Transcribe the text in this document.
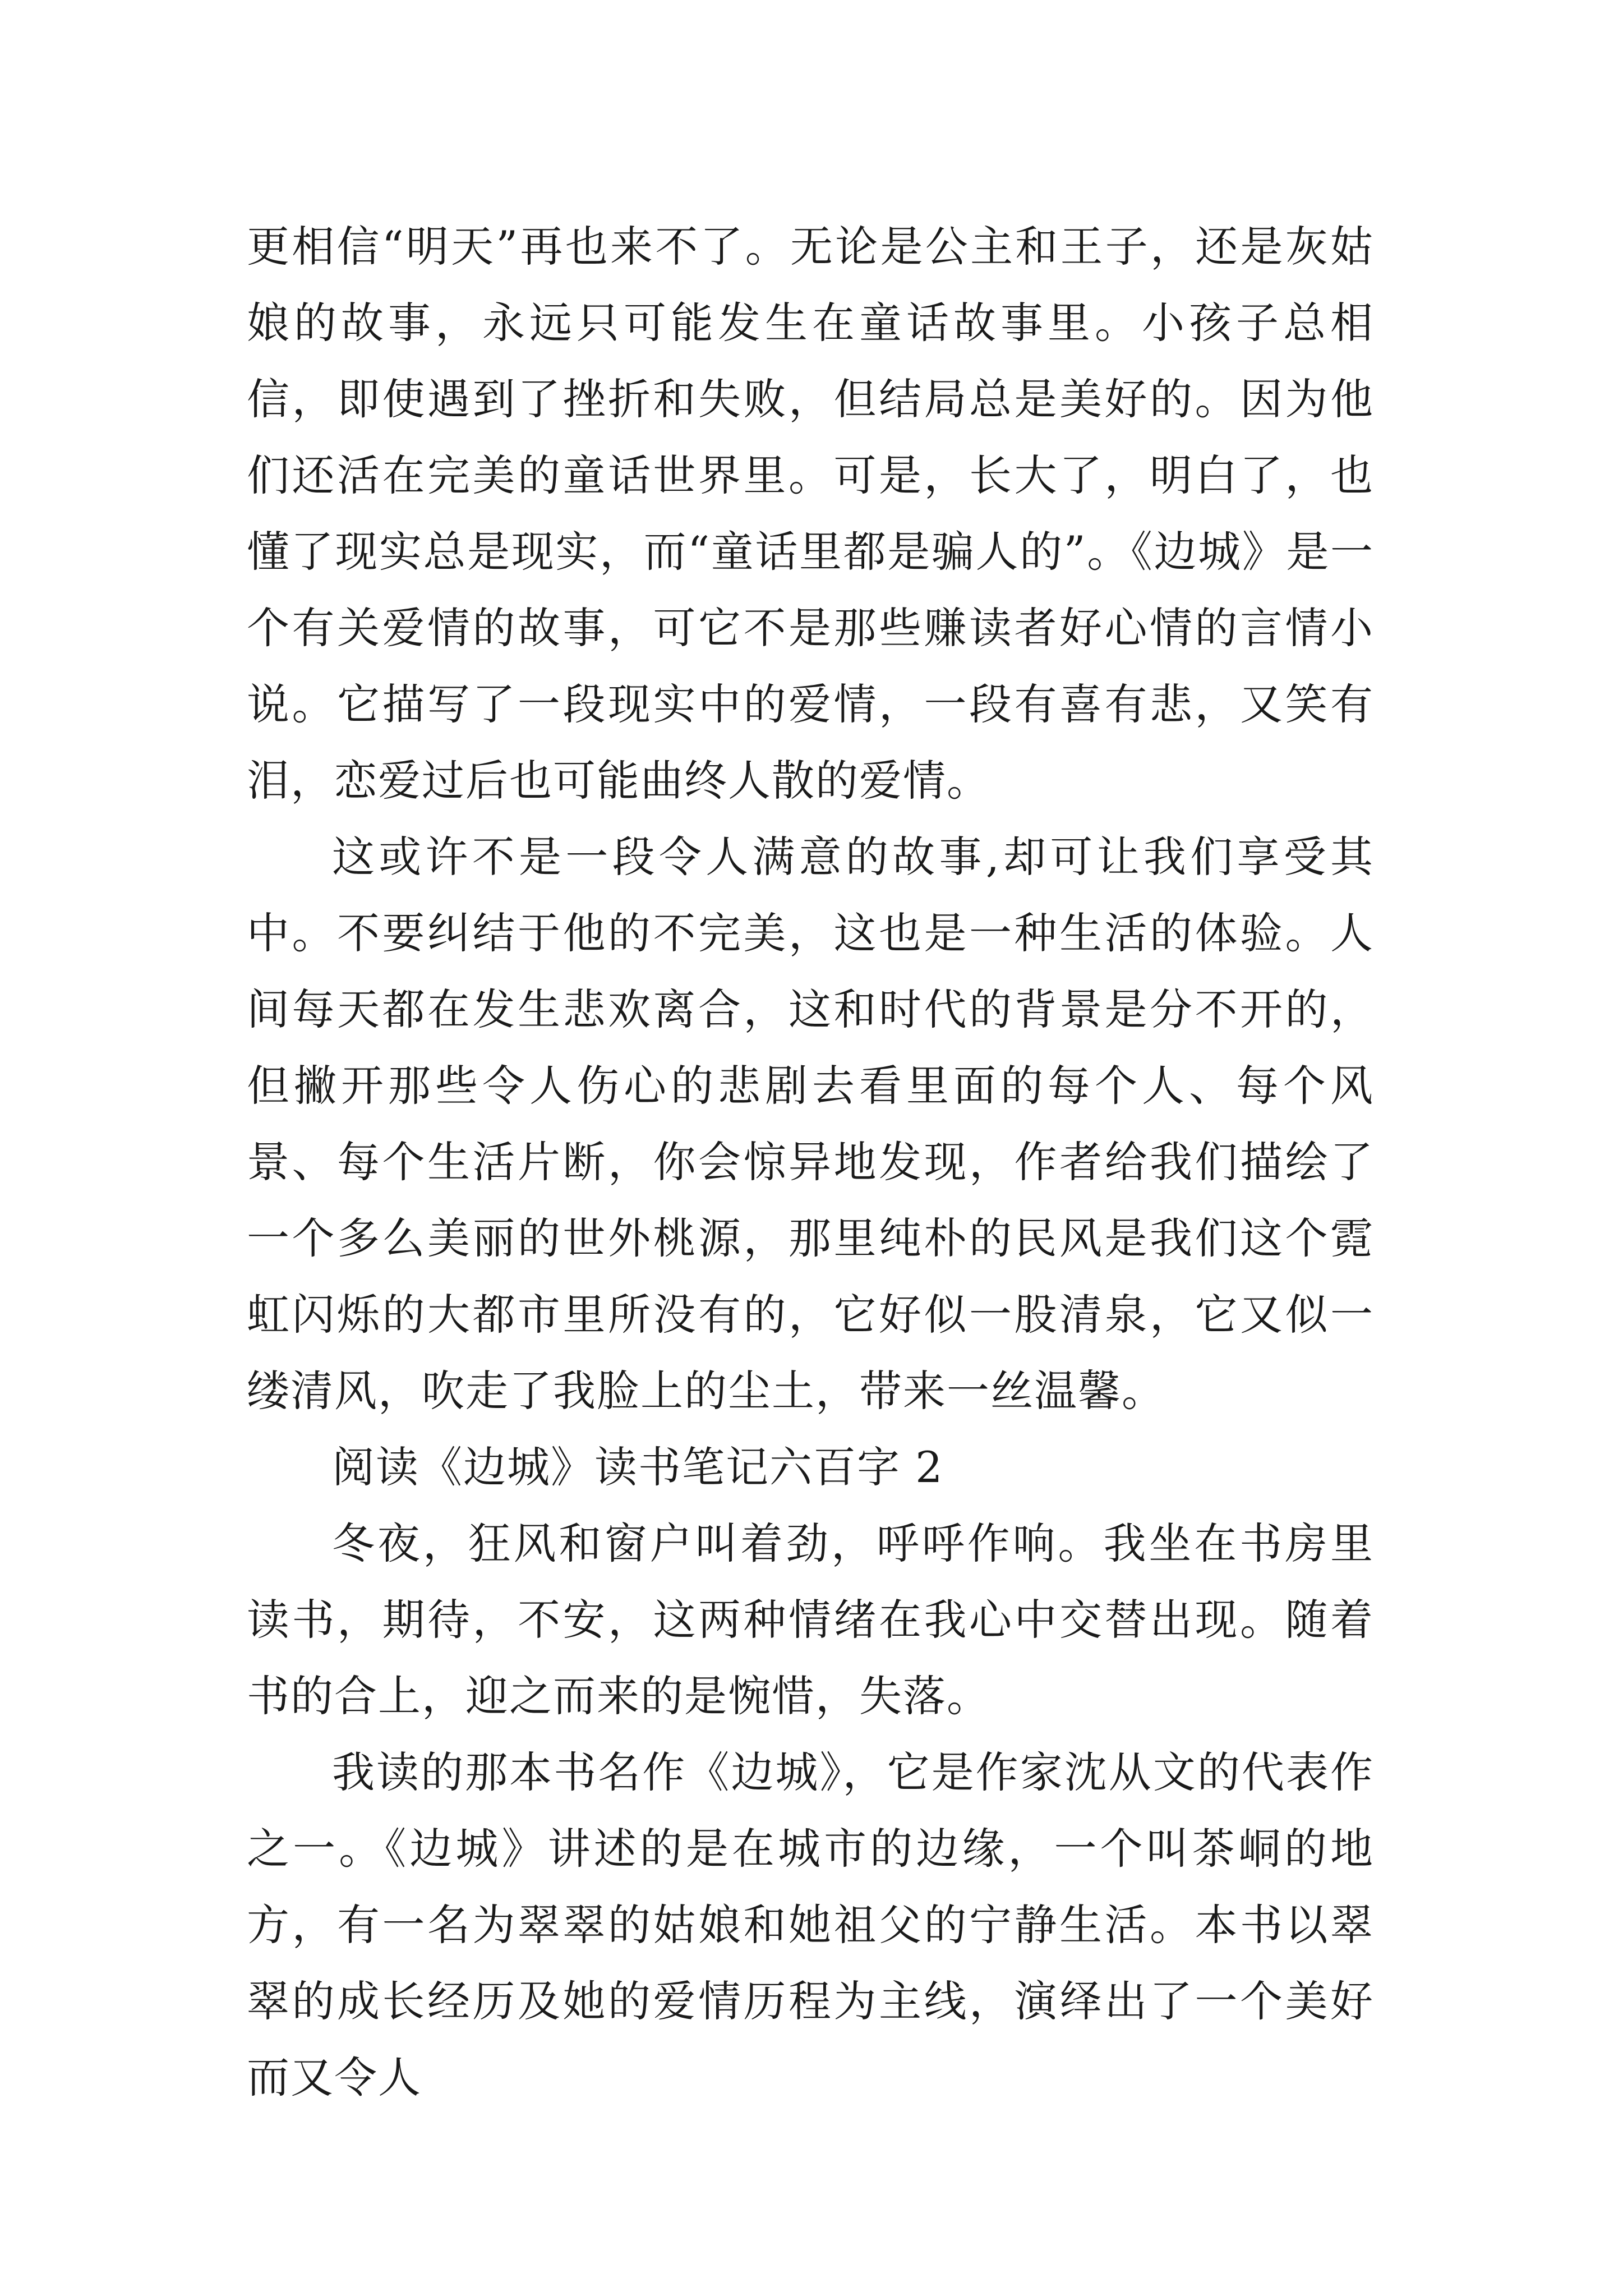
更相信“明天”再也来不了。无论是公主和王子，还是灰姑娘的故事，永远只可能发生在童话故事里。小孩子总相信，即使遇到了挫折和失败，但结局总是美好的。因为他们还活在完美的童话世界里。可是，长大了，明白了，也懂了现实总是现实，而“童话里都是骗人的”。《边城》是一个有关爱情的故事，可它不是那些赚读者好心情的言情小说。它描写了一段现实中的爱情，一段有喜有悲，又笑有泪，恋爱过后也可能曲终人散的爱情。

这或许不是一段令人满意的故事,却可让我们享受其中。不要纠结于他的不完美，这也是一种生活的体验。人间每天都在发生悲欢离合，这和时代的背景是分不开的，但撇开那些令人伤心的悲剧去看里面的每个人、每个风景、每个生活片断，你会惊异地发现，作者给我们描绘了一个多么美丽的世外桃源，那里纯朴的民风是我们这个霓虹闪烁的大都市里所没有的，它好似一股清泉，它又似一缕清风，吹走了我脸上的尘土，带来一丝温馨。

阅读《边城》读书笔记六百字 2

冬夜，狂风和窗户叫着劲，呼呼作响。我坐在书房里读书，期待，不安，这两种情绪在我心中交替出现。随着书的合上，迎之而来的是惋惜，失落。

我读的那本书名作《边城》，它是作家沈从文的代表作之一。《边城》讲述的是在城市的边缘，一个叫茶峒的地方，有一名为翠翠的姑娘和她祖父的宁静生活。本书以翠翠的成长经历及她的爱情历程为主线，演绎出了一个美好而又令人
